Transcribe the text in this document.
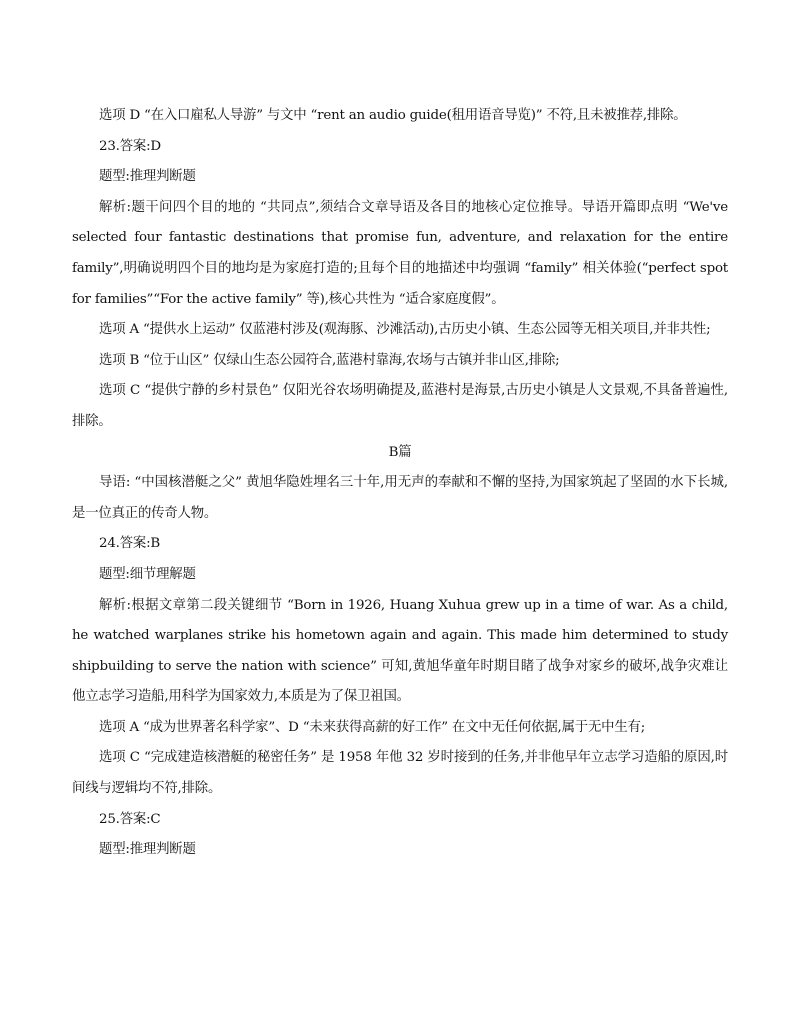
选项 D “在入口雇私人导游” 与文中 “rent an audio guide(租用语音导览)” 不符,且未被推荐,排除。

23.答案:D

题型:推理判断题

解析:题干问四个目的地的 “共同点”,须结合文章导语及各目的地核心定位推导。导语开篇即点明 “We've selected four fantastic destinations that promise fun, adventure, and relaxation for the entire family”,明确说明四个目的地均是为家庭打造的;且每个目的地描述中均强调 “family” 相关体验(“perfect spot for families”“For the active family” 等),核心共性为 “适合家庭度假”。

选项 A “提供水上运动” 仅蓝港村涉及(观海豚、沙滩活动),古历史小镇、生态公园等无相关项目,并非共性;

选项 B “位于山区” 仅绿山生态公园符合,蓝港村靠海,农场与古镇并非山区,排除;

选项 C “提供宁静的乡村景色” 仅阳光谷农场明确提及,蓝港村是海景,古历史小镇是人文景观,不具备普遍性,排除。

B篇

导语: “中国核潜艇之父” 黄旭华隐姓埋名三十年,用无声的奉献和不懈的坚持,为国家筑起了坚固的水下长城,是一位真正的传奇人物。

24.答案:B

题型:细节理解题

解析:根据文章第二段关键细节 “Born in 1926, Huang Xuhua grew up in a time of war. As a child, he watched warplanes strike his hometown again and again. This made him determined to study shipbuilding to serve the nation with science” 可知,黄旭华童年时期目睹了战争对家乡的破坏,战争灾难让他立志学习造船,用科学为国家效力,本质是为了保卫祖国。

选项 A “成为世界著名科学家”、D “未来获得高薪的好工作” 在文中无任何依据,属于无中生有;

选项 C “完成建造核潜艇的秘密任务” 是 1958 年他 32 岁时接到的任务,并非他早年立志学习造船的原因,时间线与逻辑均不符,排除。

25.答案:C

题型:推理判断题
